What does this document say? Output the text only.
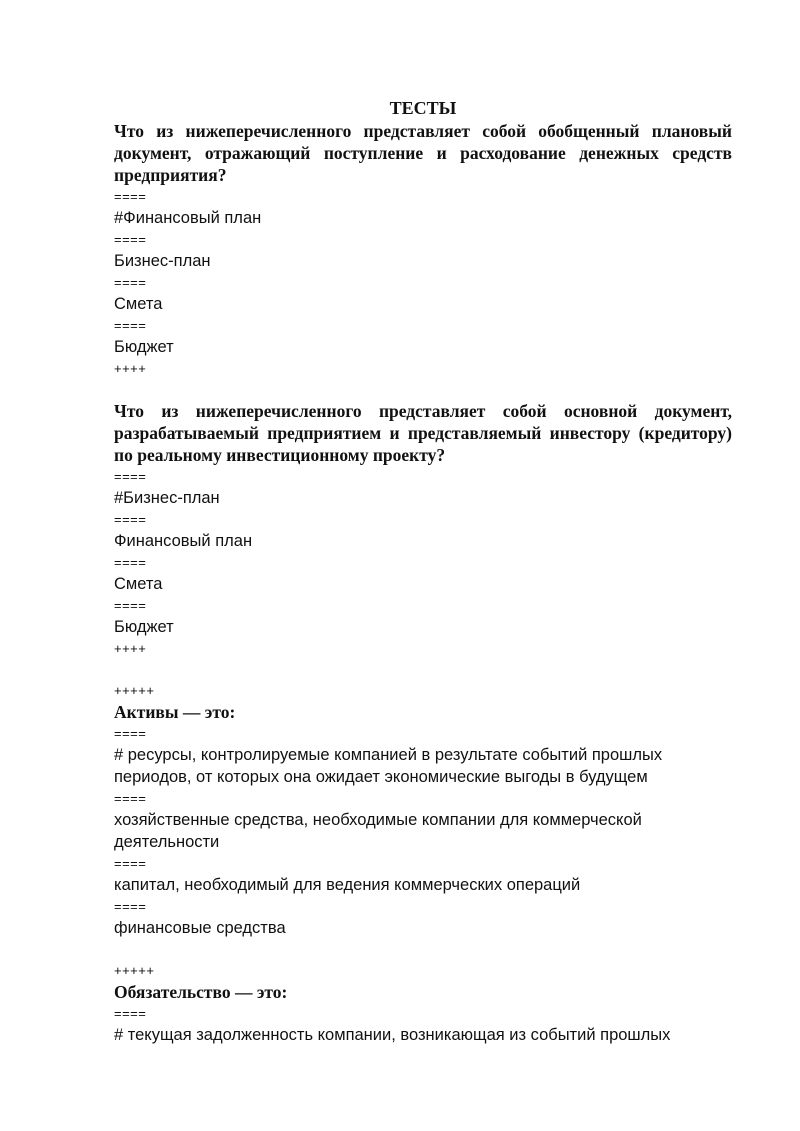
ТЕСТЫ

Что из нижеперечисленного представляет собой обобщенный плановый документ, отражающий поступление и расходование денежных средств предприятия?

====

#Финансовый план

====

Бизнес-план

====

Смета

====

Бюджет

++++

Что из нижеперечисленного представляет собой основной документ, разрабатываемый предприятием и представляемый инвестору (кредитору) по реальному инвестиционному проекту?

====

#Бизнес-план

====

Финансовый план

====

Смета

====

Бюджет

++++

+++++

Активы — это:

====

# ресурсы, контролируемые компанией в результате событий прошлых периодов, от которых она ожидает экономические выгоды в будущем

====

хозяйственные средства, необходимые компании для коммерческой деятельности

====

капитал, необходимый для ведения коммерческих операций

====

финансовые средства

+++++

Обязательство — это:

====

# текущая задолженность компании, возникающая из событий прошлых
